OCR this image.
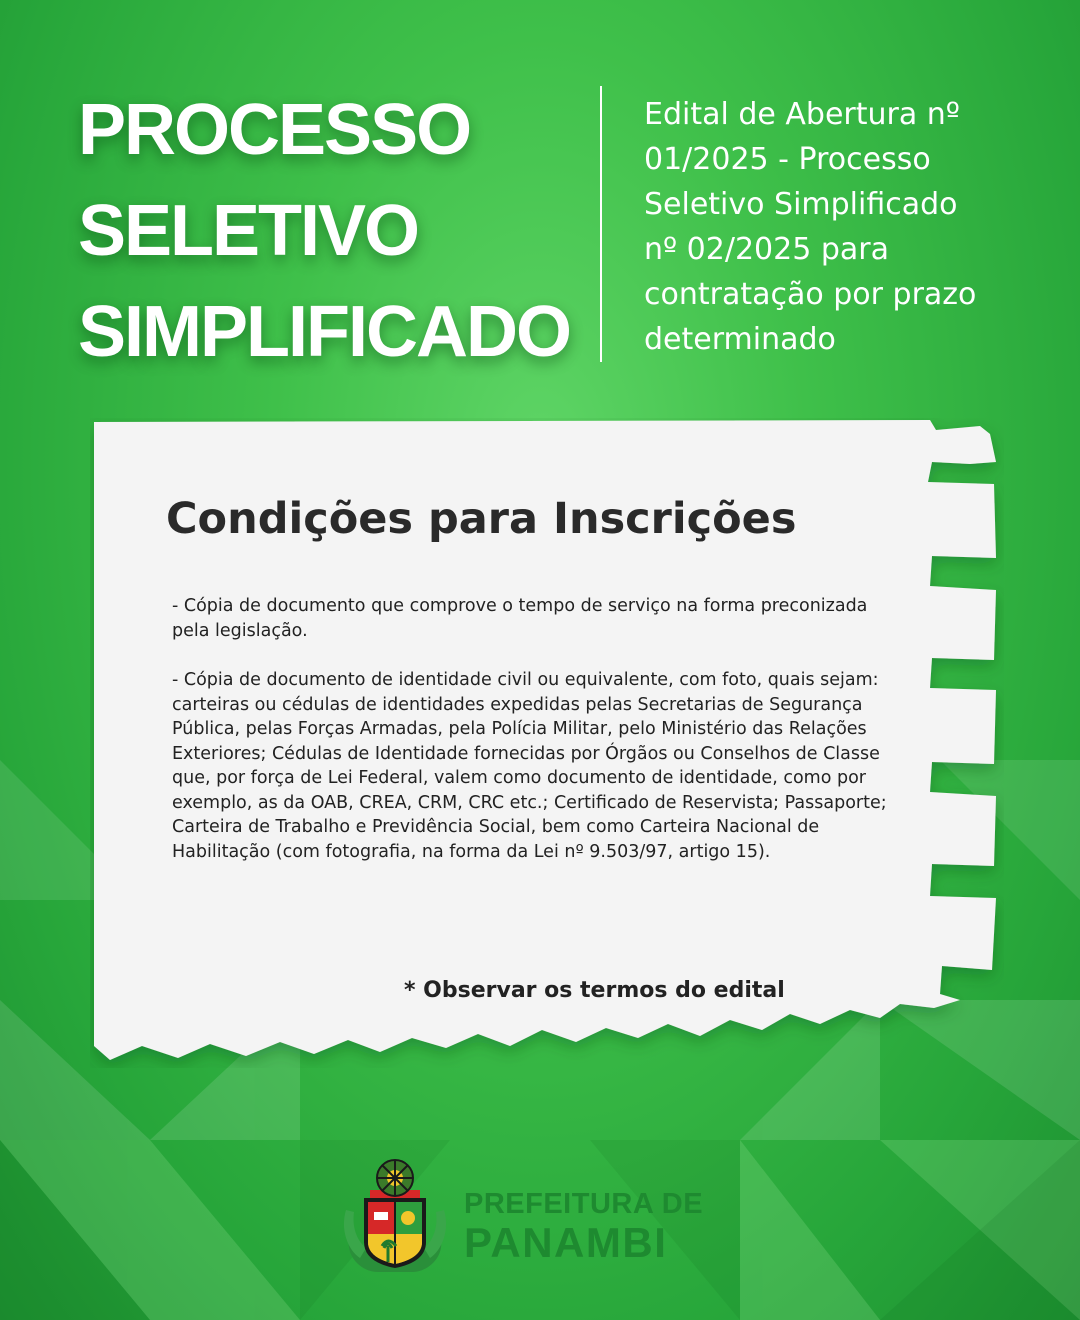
PROCESSO
SELETIVO
SIMPLIFICADO
Edital de Abertura nº
01/2025 - Processo
Seletivo Simplificado
nº 02/2025 para
contratação por prazo
determinado
Condições para Inscrições
- Cópia de documento que comprove o tempo de serviço na forma preconizada pela legislação.
- Cópia de documento de identidade civil ou equivalente, com foto, quais sejam: carteiras ou cédulas de identidades expedidas pelas Secretarias de Segurança Pública, pelas Forças Armadas, pela Polícia Militar, pelo Ministério das Relações Exteriores; Cédulas de Identidade fornecidas por Órgãos ou Conselhos de Classe que, por força de Lei Federal, valem como documento de identidade, como por exemplo, as da OAB, CREA, CRM, CRC etc.; Certificado de Reservista; Passaporte; Carteira de Trabalho e Previdência Social, bem como Carteira Nacional de Habilitação (com fotografia, na forma da Lei nº 9.503/97, artigo 15).
* Observar os termos do edital
PREFEITURA DE
PANAMBI
